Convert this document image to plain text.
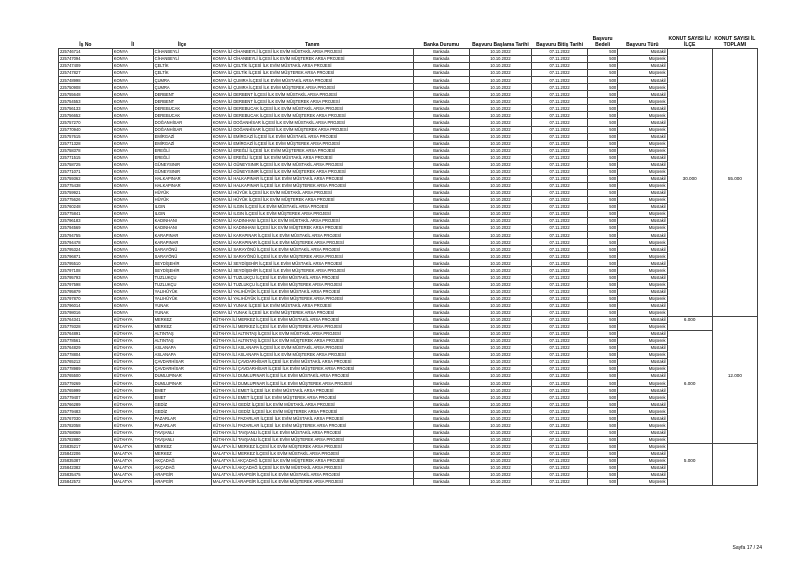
İş No	İl	İlçe	Tanım	Banka Durumu	Başvuru Başlama Tarihi	Başvuru Bitiş Tarihi	Başvuru Bedeli	Başvuru Türü	KONUT SAYISI İL/İLÇE	KONUT SAYISI İL TOPLAMI
225746714	KONYA	CİHANBEYLİ	KONYA İLİ CİHANBEYLİ İLÇESİ İLK EVİM MÜSTAKİL ARSA PROJESİ	Bankada	10.10.2022	07.11.2022	500	Müstakil		
225747094	KONYA	CİHANBEYLİ	KONYA İLİ CİHANBEYLİ İLÇESİ İLK EVİM MÜŞTEREK ARSA PROJESİ	Bankada	10.10.2022	07.11.2022	500	Müşterek		
225747409	KONYA	ÇELTİK	KONYA İLİ ÇELTİK İLÇESİ İLK EVİM MÜSTAKİL ARSA PROJESİ	Bankada	10.10.2022	07.11.2022	500	Müstakil		
225747827	KONYA	ÇELTİK	KONYA İLİ ÇELTİK İLÇESİ İLK EVİM MÜŞTEREK ARSA PROJESİ	Bankada	10.10.2022	07.11.2022	500	Müşterek		
225748998	KONYA	ÇUMRA	KONYA İLİ ÇUMRA İLÇESİ İLK EVİM MÜSTAKİL ARSA PROJESİ	Bankada	10.10.2022	07.11.2022	500	Müstakil		
225750908	KONYA	ÇUMRA	KONYA İLİ ÇUMRA İLÇESİ İLK EVİM MÜŞTEREK ARSA PROJESİ	Bankada	10.10.2022	07.11.2022	500	Müşterek		
225755648	KONYA	DERBENT	KONYA İLİ DERBENT İLÇESİ İLK EVİM MÜSTAKİL ARSA PROJESİ	Bankada	10.10.2022	07.11.2022	500	Müstakil		
225754553	KONYA	DERBENT	KONYA İLİ DERBENT İLÇESİ İLK EVİM MÜŞTEREK ARSA PROJESİ	Bankada	10.10.2022	07.11.2022	500	Müşterek		
225756133	KONYA	DEREBUCAK	KONYA İLİ DEREBUCAK İLÇESİ İLK EVİM MÜSTAKİL ARSA PROJESİ	Bankada	10.10.2022	07.11.2022	500	Müstakil		
225756652	KONYA	DEREBUCAK	KONYA İLİ DEREBUCAK İLÇESİ İLK EVİM MÜŞTEREK ARSA PROJESİ	Bankada	10.10.2022	07.11.2022	500	Müşterek		
225757270	KONYA	DOĞANHİSAR	KONYA İLİ DOĞANHİSAR İLÇESİ İLK EVİM MÜSTAKİL ARSA PROJESİ	Bankada	10.10.2022	07.11.2022	500	Müstakil		
225770940	KONYA	DOĞANHİSAR	KONYA İLİ DOĞANHİSAR İLÇESİ İLK EVİM MÜŞTEREK ARSA PROJESİ	Bankada	10.10.2022	07.11.2022	500	Müşterek		
225757615	KONYA	EMİRGAZİ	KONYA İLİ EMİRGAZİ İLÇESİ İLK EVİM MÜSTAKİL ARSA PROJESİ	Bankada	10.10.2022	07.11.2022	500	Müstakil		
225771328	KONYA	EMİRGAZİ	KONYA İLİ EMİRGAZİ İLÇESİ İLK EVİM MÜŞTEREK ARSA PROJESİ	Bankada	10.10.2022	07.11.2022	500	Müşterek		
225758378	KONYA	EREĞLİ	KONYA İLİ EREĞLİ İLÇESİ İLK EVİM MÜŞTEREK ARSA PROJESİ	Bankada	10.10.2022	07.11.2022	500	Müşterek		
225771515	KONYA	EREĞLİ	KONYA İLİ EREĞLİ İLÇESİ İLK EVİM MÜSTAKİL ARSA PROJESİ	Bankada	10.10.2022	07.11.2022	500	Müstakil		
225758725	KONYA	GÜNEYSINIR	KONYA İLİ GÜNEYSINIR İLÇESİ İLK EVİM MÜSTAKİL ARSA PROJESİ	Bankada	10.10.2022	07.11.2022	500	Müstakil		
225771071	KONYA	GÜNEYSINIR	KONYA İLİ GÜNEYSINIR İLÇESİ İLK EVİM MÜŞTEREK ARSA PROJESİ	Bankada	10.10.2022	07.11.2022	500	Müşterek		
225759362	KONYA	HALKAPINAR	KONYA İLİ HALKAPINAR İLÇESİ İLK EVİM MÜSTAKİL ARSA PROJESİ	Bankada	10.10.2022	07.11.2022	500	Müstakil	30.000	55.000
225775438	KONYA	HALKAPINAR	KONYA İLİ HALKAPINAR İLÇESİ İLK EVİM MÜŞTEREK ARSA PROJESİ	Bankada	10.10.2022	07.11.2022	500	Müşterek		
225759921	KONYA	HÜYÜK	KONYA İLİ HÜYÜK İLÇESİ İLK EVİM MÜSTAKİL ARSA PROJESİ	Bankada	10.10.2022	07.11.2022	500	Müstakil		
225775626	KONYA	HÜYÜK	KONYA İLİ HÜYÜK İLÇESİ İLK EVİM MÜŞTEREK ARSA PROJESİ	Bankada	10.10.2022	07.11.2022	500	Müşterek		
225760248	KONYA	ILGIN	KONYA İLİ ILGIN İLÇESİ İLK EVİM MÜSTAKİL ARSA PROJESİ	Bankada	10.10.2022	07.11.2022	500	Müstakil		
225775841	KONYA	ILGIN	KONYA İLİ ILGIN İLÇESİ İLK EVİM MÜŞTEREK ARSA PROJESİ	Bankada	10.10.2022	07.11.2022	500	Müşterek		
225796183	KONYA	KADINHANI	KONYA İLİ KADINHANI İLÇESİ İLK EVİM MÜSTAKİL ARSA PROJESİ	Bankada	10.10.2022	07.11.2022	500	Müstakil		
225794569	KONYA	KADINHANI	KONYA İLİ KADINHANI İLÇESİ İLK EVİM MÜŞTEREK ARSA PROJESİ	Bankada	10.10.2022	07.11.2022	500	Müşterek		
225794755	KONYA	KARAPINAR	KONYA İLİ KARAPINAR İLÇESİ İLK EVİM MÜSTAKİL ARSA PROJESİ	Bankada	10.10.2022	07.11.2022	500	Müstakil		
225794478	KONYA	KARAPINAR	KONYA İLİ KARAPINAR İLÇESİ İLK EVİM MÜŞTEREK ARSA PROJESİ	Bankada	10.10.2022	07.11.2022	500	Müşterek		
225795324	KONYA	SARAYÖNÜ	KONYA İLİ SARAYÖNÜ İLÇESİ İLK EVİM MÜSTAKİL ARSA PROJESİ	Bankada	10.10.2022	07.11.2022	500	Müstakil		
225796871	KONYA	SARAYÖNÜ	KONYA İLİ SARAYÖNÜ İLÇESİ İLK EVİM MÜŞTEREK ARSA PROJESİ	Bankada	10.10.2022	07.11.2022	500	Müşterek		
225795510	KONYA	SEYDİŞEHİR	KONYA İLİ SEYDİŞEHİR İLÇESİ İLK EVİM MÜSTAKİL ARSA PROJESİ	Bankada	10.10.2022	07.11.2022	500	Müstakil		
225797108	KONYA	SEYDİŞEHİR	KONYA İLİ SEYDİŞEHİR İLÇESİ İLK EVİM MÜŞTEREK ARSA PROJESİ	Bankada	10.10.2022	07.11.2022	500	Müşterek		
225795793	KONYA	TUZLUKÇU	KONYA İLİ TUZLUKÇU İLÇESİ İLK EVİM MÜSTAKİL ARSA PROJESİ	Bankada	10.10.2022	07.11.2022	500	Müstakil		
225797598	KONYA	TUZLUKÇU	KONYA İLİ TUZLUKÇU İLÇESİ İLK EVİM MÜŞTEREK ARSA PROJESİ	Bankada	10.10.2022	07.11.2022	500	Müşterek		
225795879	KONYA	YALIHÜYÜK	KONYA İLİ YALIHÜYÜK İLÇESİ İLK EVİM MÜSTAKİL ARSA PROJESİ	Bankada	10.10.2022	07.11.2022	500	Müstakil		
225797870	KONYA	YALIHÜYÜK	KONYA İLİ YALIHÜYÜK İLÇESİ İLK EVİM MÜŞTEREK ARSA PROJESİ	Bankada	10.10.2022	07.11.2022	500	Müşterek		
225796014	KONYA	YUNAK	KONYA İLİ YUNAK İLÇESİ İLK EVİM MÜSTAKİL ARSA PROJESİ	Bankada	10.10.2022	07.11.2022	500	Müstakil		
225798016	KONYA	YUNAK	KONYA İLİ YUNAK İLÇESİ İLK EVİM MÜŞTEREK ARSA PROJESİ	Bankada	10.10.2022	07.11.2022	500	Müşterek		
225764341	KÜTAHYA	MERKEZ	KÜTAHYA İLİ MERKEZ İLÇESİ İLK EVİM MÜSTAKİL ARSA PROJESİ	Bankada	10.10.2022	07.11.2022	500	Müstakil	6.000	
225779328	KÜTAHYA	MERKEZ	KÜTAHYA İLİ MERKEZ İLÇESİ İLK EVİM MÜŞTEREK ARSA PROJESİ	Bankada	10.10.2022	07.11.2022	500	Müşterek		
225764891	KÜTAHYA	ALTINTAŞ	KÜTAHYA İLİ ALTINTAŞ İLÇESİ İLK EVİM MÜSTAKİL ARSA PROJESİ	Bankada	10.10.2022	07.11.2022	500	Müstakil		
225778561	KÜTAHYA	ALTINTAŞ	KÜTAHYA İLİ ALTINTAŞ İLÇESİ İLK EVİM MÜŞTEREK ARSA PROJESİ	Bankada	10.10.2022	07.11.2022	500	Müşterek		
225764829	KÜTAHYA	ASLANAPA	KÜTAHYA İLİ ASLANAPA İLÇESİ İLK EVİM MÜSTAKİL ARSA PROJESİ	Bankada	10.10.2022	07.11.2022	500	Müstakil		
225778804	KÜTAHYA	ASLANAPA	KÜTAHYA İLİ ASLANAPA İLÇESİ İLK EVİM MÜŞTEREK ARSA PROJESİ	Bankada	10.10.2022	07.11.2022	500	Müşterek		
225765212	KÜTAHYA	ÇAVDARHİSAR	KÜTAHYA İLİ ÇAVDARHİSAR İLÇESİ İLK EVİM MÜSTAKİL ARSA PROJESİ	Bankada	10.10.2022	07.11.2022	500	Müstakil		
225778989	KÜTAHYA	ÇAVDARHİSAR	KÜTAHYA İLİ ÇAVDARHİSAR İLÇESİ İLK EVİM MÜŞTEREK ARSA PROJESİ	Bankada	10.10.2022	07.11.2022	500	Müşterek		
225765500	KÜTAHYA	DUMLUPINAR	KÜTAHYA İLİ DUMLUPINAR İLÇESİ İLK EVİM MÜSTAKİL ARSA PROJESİ	Bankada	10.10.2022	07.11.2022	500	Müstakil		12.000
225779269	KÜTAHYA	DUMLUPINAR	KÜTAHYA İLİ DUMLUPINAR İLÇESİ İLK EVİM MÜŞTEREK ARSA PROJESİ	Bankada	10.10.2022	07.11.2022	500	Müşterek	6.000	
225765999	KÜTAHYA	EMET	KÜTAHYA İLİ EMET İLÇESİ İLK EVİM MÜSTAKİL ARSA PROJESİ	Bankada	10.10.2022	07.11.2022	500	Müstakil		
225779407	KÜTAHYA	EMET	KÜTAHYA İLİ EMET İLÇESİ İLK EVİM MÜŞTEREK ARSA PROJESİ	Bankada	10.10.2022	07.11.2022	500	Müşterek		
225766289	KÜTAHYA	GEDİZ	KÜTAHYA İLİ GEDİZ İLÇESİ İLK EVİM MÜSTAKİL ARSA PROJESİ	Bankada	10.10.2022	07.11.2022	500	Müstakil		
225779483	KÜTAHYA	GEDİZ	KÜTAHYA İLİ GEDİZ İLÇESİ İLK EVİM MÜŞTEREK ARSA PROJESİ	Bankada	10.10.2022	07.11.2022	500	Müşterek		
225767030	KÜTAHYA	PAZARLAR	KÜTAHYA İLİ PAZARLAR İLÇESİ İLK EVİM MÜSTAKİL ARSA PROJESİ	Bankada	10.10.2022	07.11.2022	500	Müstakil		
225782058	KÜTAHYA	PAZARLAR	KÜTAHYA İLİ PAZARLAR İLÇESİ İLK EVİM MÜŞTEREK ARSA PROJESİ	Bankada	10.10.2022	07.11.2022	500	Müşterek		
225768069	KÜTAHYA	TAVŞANLI	KÜTAHYA İLİ TAVŞANLI İLÇESİ İLK EVİM MÜSTAKİL ARSA PROJESİ	Bankada	10.10.2022	07.11.2022	500	Müstakil		
225782880	KÜTAHYA	TAVŞANLI	KÜTAHYA İLİ TAVŞANLI İLÇESİ İLK EVİM MÜŞTEREK ARSA PROJESİ	Bankada	10.10.2022	07.11.2022	500	Müşterek		
225835217	MALATYA	MERKEZ	MALATYA İLİ MERKEZ İLÇESİ İLK EVİM MÜŞTEREK ARSA PROJESİ	Bankada	10.10.2022	07.11.2022	500	Müşterek		
225842206	MALATYA	MERKEZ	MALATYA İLİ MERKEZ İLÇESİ İLK EVİM MÜSTAKİL ARSA PROJESİ	Bankada	10.10.2022	07.11.2022	500	Müstakil		
225835387	MALATYA	AKÇADAĞ	MALATYA İLİ AKÇADAĞ İLÇESİ İLK EVİM MÜŞTEREK ARSA PROJESİ	Bankada	10.10.2022	07.11.2022	500	Müşterek	5.000	
225842382	MALATYA	AKÇADAĞ	MALATYA İLİ AKÇADAĞ İLÇESİ İLK EVİM MÜSTAKİL ARSA PROJESİ	Bankada	10.10.2022	07.11.2022	500	Müstakil		
225835475	MALATYA	ARAPGİR	MALATYA İLİ ARAPGİR İLÇESİ İLK EVİM MÜSTAKİL ARSA PROJESİ	Bankada	10.10.2022	07.11.2022	500	Müstakil		
225842572	MALATYA	ARAPGİR	MALATYA İLİ ARAPGİR İLÇESİ İLK EVİM MÜŞTEREK ARSA PROJESİ	Bankada	10.10.2022	07.11.2022	500	Müşterek		
Sayfa 17 / 24
